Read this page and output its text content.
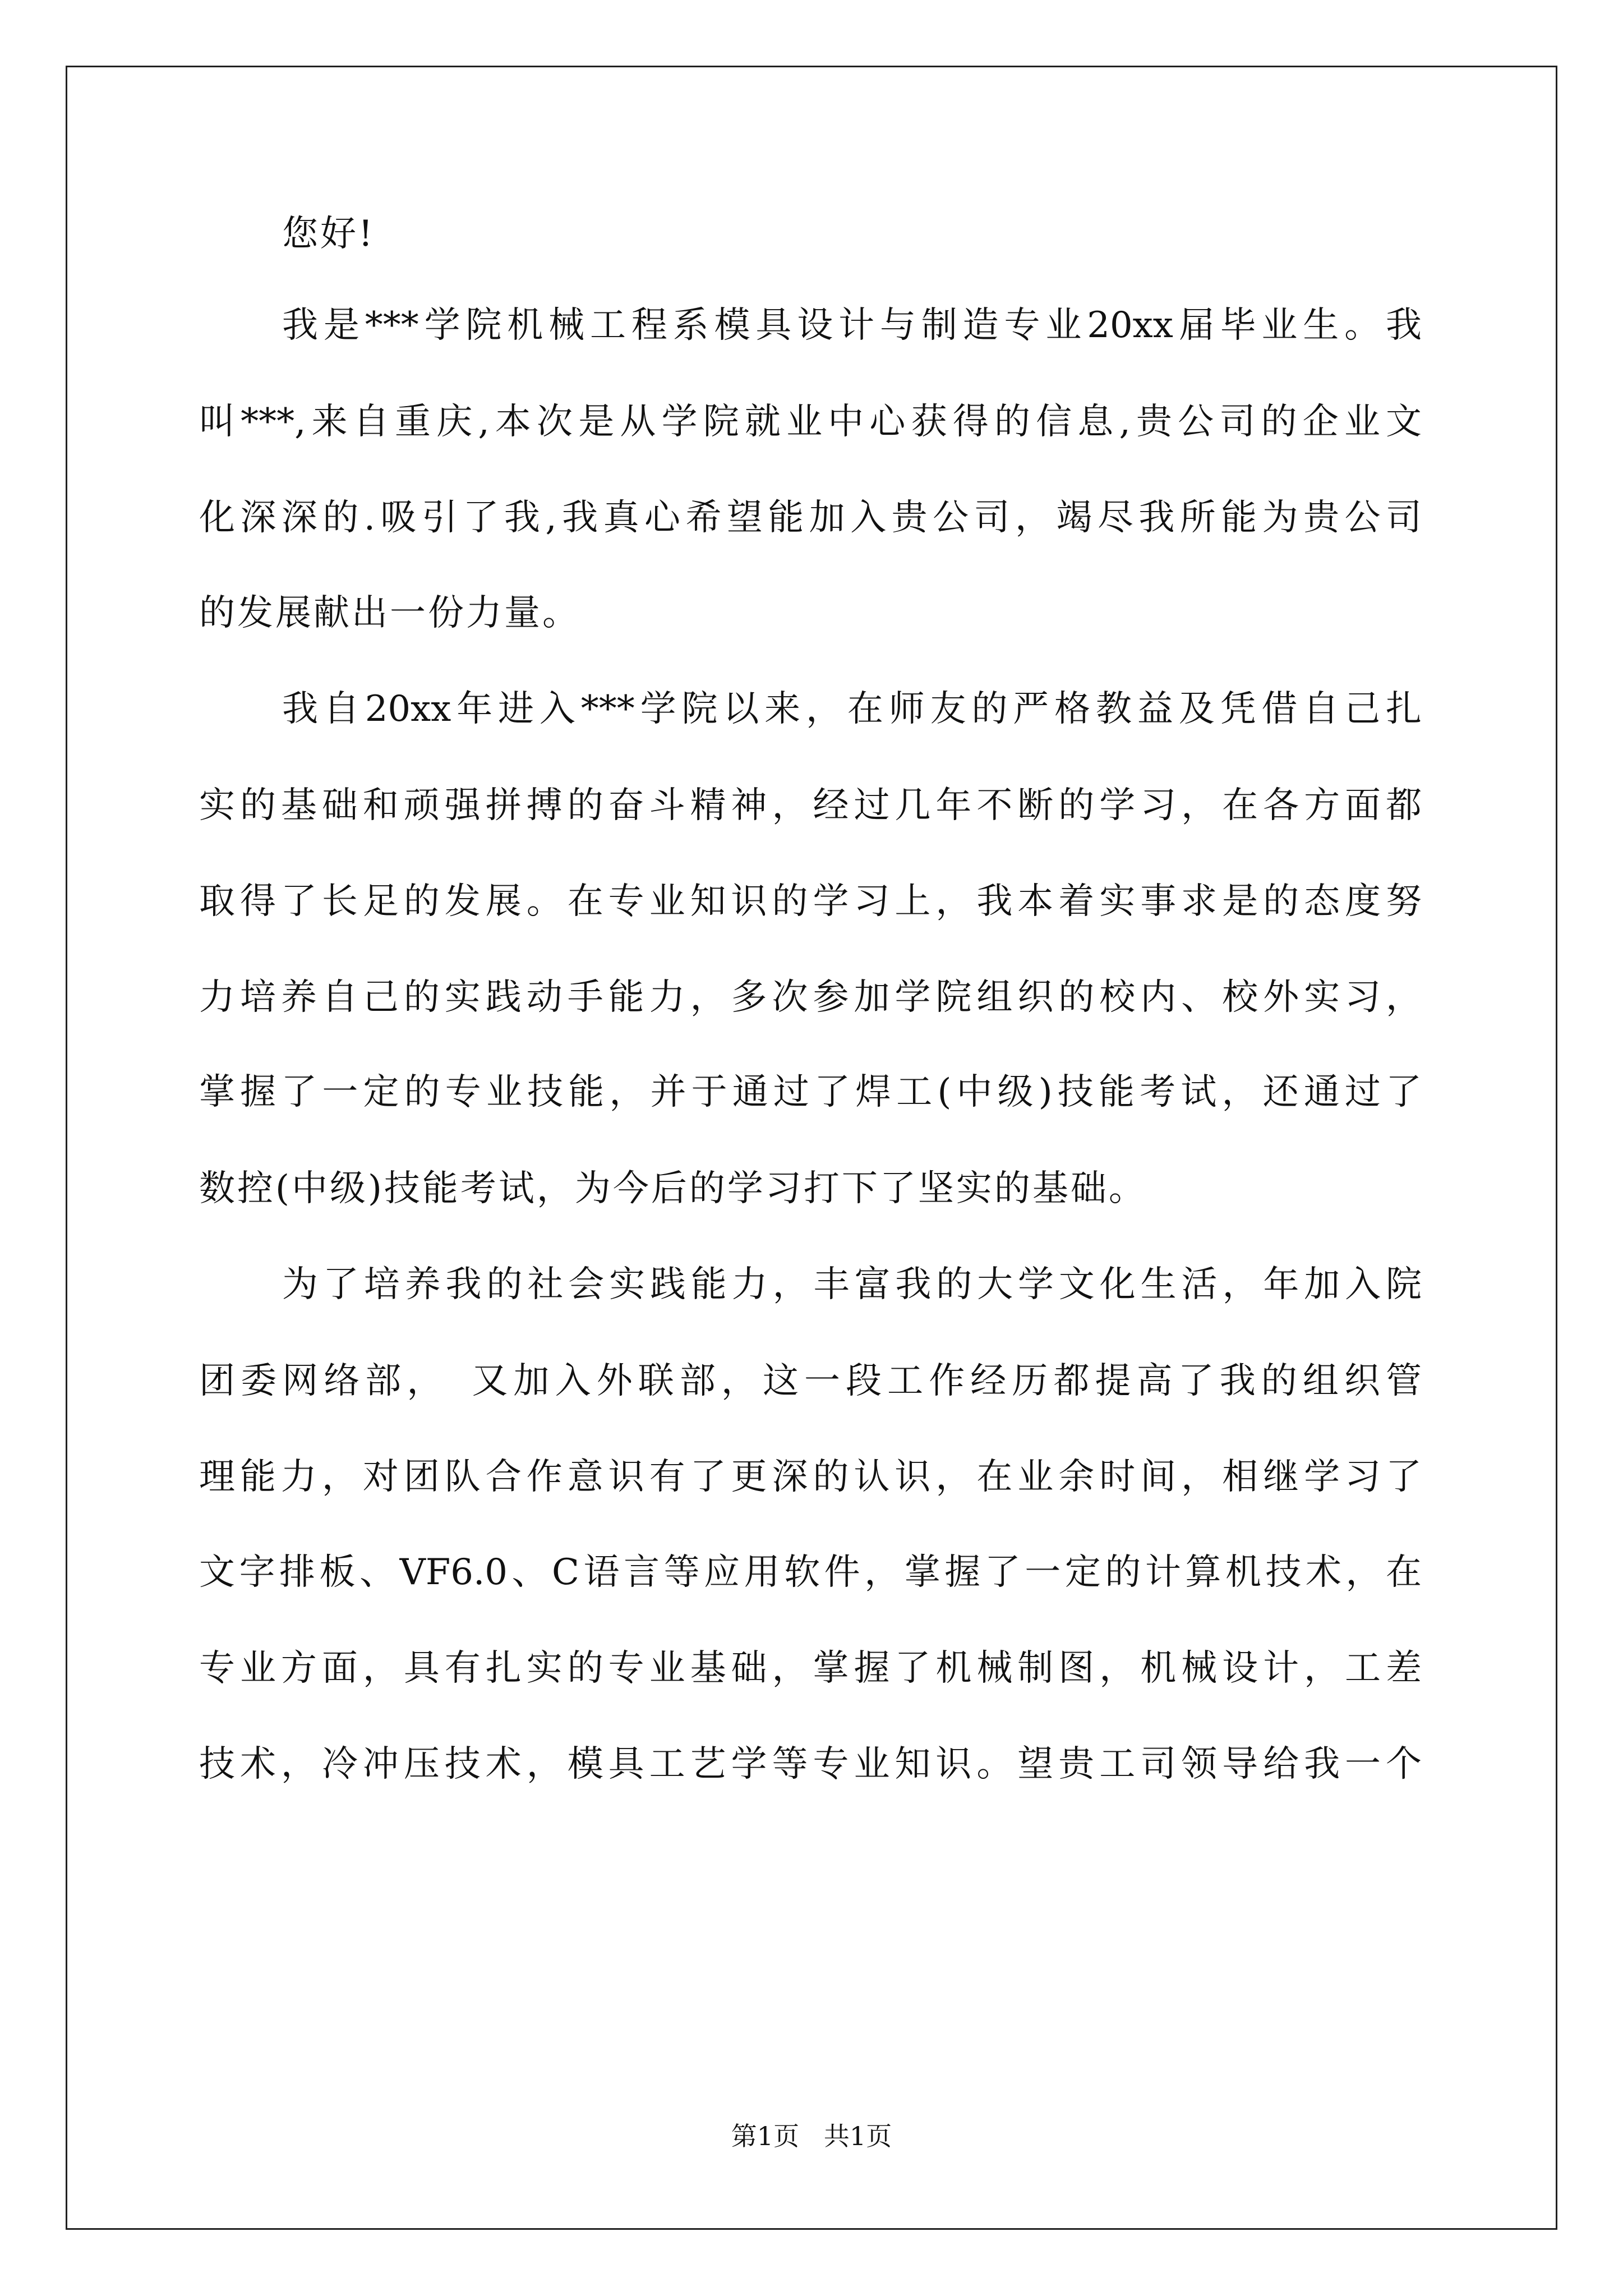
您好!
我是***学院机械工程系模具设计与制造专业20xx届毕业生。我
叫***,来自重庆,本次是从学院就业中心获得的信息,贵公司的企业文
化深深的.吸引了我,我真心希望能加入贵公司，竭尽我所能为贵公司
的发展献出一份力量。
我自20xx年进入***学院以来，在师友的严格教益及凭借自己扎
实的基础和顽强拼搏的奋斗精神，经过几年不断的学习，在各方面都
取得了长足的发展。在专业知识的学习上，我本着实事求是的态度努
力培养自己的实践动手能力，多次参加学院组织的校内、校外实习，
掌握了一定的专业技能，并于通过了焊工(中级)技能考试，还通过了
数控(中级)技能考试，为今后的学习打下了坚实的基础。
为了培养我的社会实践能力，丰富我的大学文化生活，年加入院
团委网络部，　又加入外联部，这一段工作经历都提高了我的组织管
理能力，对团队合作意识有了更深的认识，在业余时间，相继学习了
文字排板、VF6.0、C语言等应用软件，掌握了一定的计算机技术，在
专业方面，具有扎实的专业基础，掌握了机械制图，机械设计，工差
技术，冷冲压技术，模具工艺学等专业知识。望贵工司领导给我一个
第1页   共1页
